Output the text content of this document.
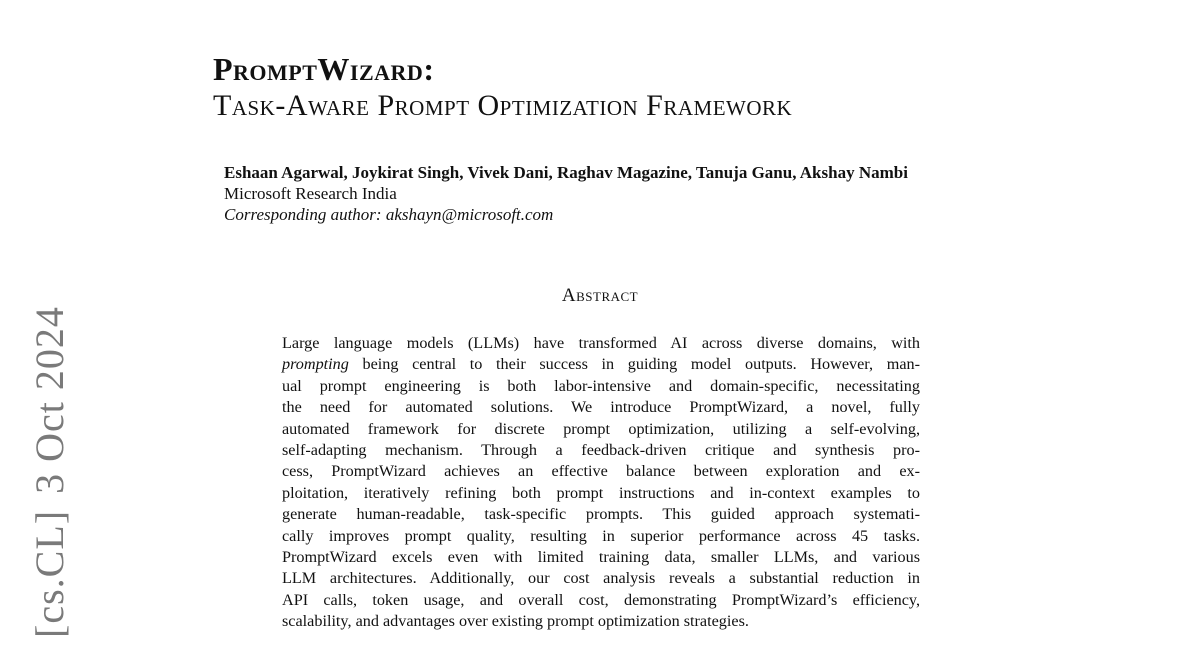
[cs.CL]3 Oct 2024
PromptWizard:
Task-Aware Prompt Optimization Framework
Eshaan Agarwal, Joykirat Singh, Vivek Dani, Raghav Magazine, Tanuja Ganu, Akshay Nambi
Microsoft Research India
Corresponding author: akshayn@microsoft.com
Abstract
Large language models (LLMs) have transformed AI across diverse domains, with
prompting being central to their success in guiding model outputs. However, man-
ual prompt engineering is both labor-intensive and domain-specific, necessitating
the need for automated solutions. We introduce PromptWizard, a novel, fully
automated framework for discrete prompt optimization, utilizing a self-evolving,
self-adapting mechanism. Through a feedback-driven critique and synthesis pro-
cess, PromptWizard achieves an effective balance between exploration and ex-
ploitation, iteratively refining both prompt instructions and in-context examples to
generate human-readable, task-specific prompts. This guided approach systemati-
cally improves prompt quality, resulting in superior performance across 45 tasks.
PromptWizard excels even with limited training data, smaller LLMs, and various
LLM architectures. Additionally, our cost analysis reveals a substantial reduction in
API calls, token usage, and overall cost, demonstrating PromptWizard’s efficiency,
scalability, and advantages over existing prompt optimization strategies.
